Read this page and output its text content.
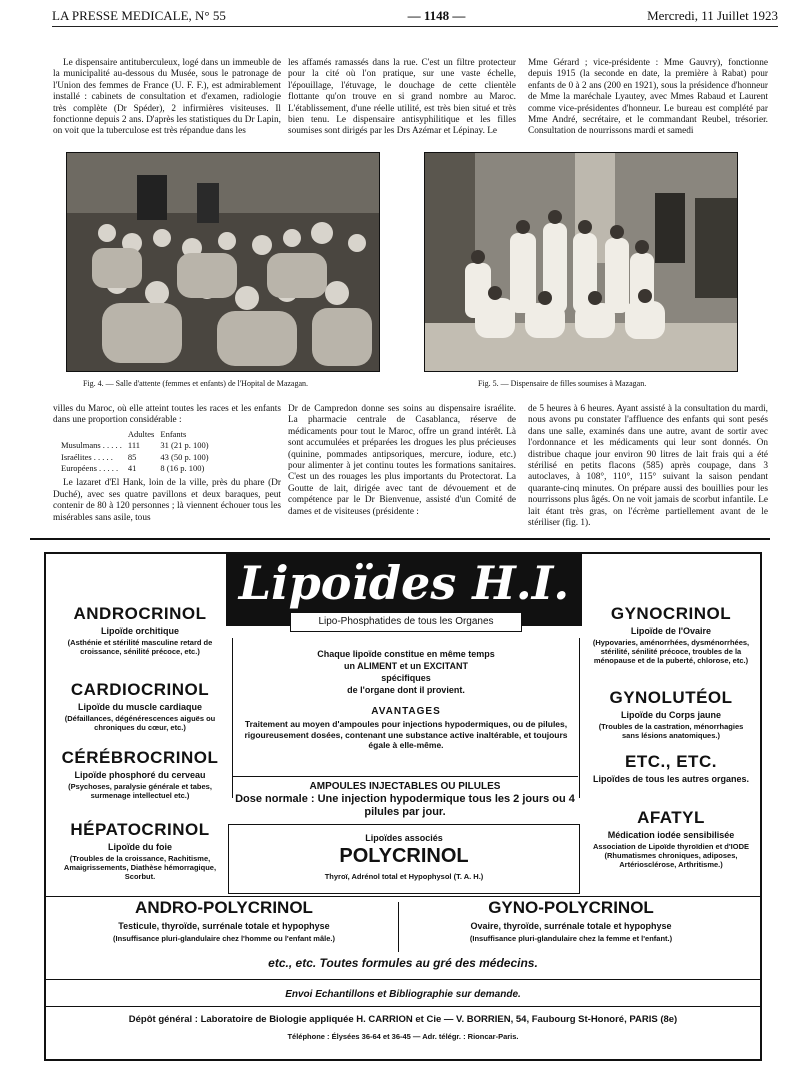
LA PRESSE MEDICALE, N° 55	— 1148 —	Mercredi, 11 Juillet 1923

Le dispensaire antituberculeux, logé dans un immeuble de la municipalité au-dessous du Musée, sous le patronage de l'Union des femmes de France (U. F. F.), est admirablement installé : cabinets de consultation et d'examen, radiologie très complète (Dr Spéder), 2 infirmières visiteuses. Il fonctionne depuis 2 ans. D'après les statistiques du Dr Lapin, on voit que la tuberculose est très répandue dans les

les affamés ramassés dans la rue. C'est un filtre protecteur pour la cité où l'on pratique, sur une vaste échelle, l'épouillage, l'étuvage, le douchage de cette clientèle flottante qu'on trouve en si grand nombre au Maroc. L'établissement, d'une réelle utilité, est très bien situé et très bien tenu. Le dispensaire antisyphilitique et les filles soumises sont dirigés par les Drs Azémar et Lépinay. Le

Mme Gérard ; vice-présidente : Mme Gauvry), fonctionne depuis 1915 (la seconde en date, la première à Rabat) pour enfants de 0 à 2 ans (200 en 1921), sous la présidence d'honneur de Mme la maréchale Lyautey, avec Mmes Rabaud et Laurent comme vice-présidentes d'honneur. Le bureau est complété par Mme André, secrétaire, et le commandant Reubel, trésorier. Consultation de nourrissons mardi et samedi

Fig. 4. — Salle d'attente (femmes et enfants) de l'Hopital de Mazagan.	Fig. 5. — Dispensaire de filles soumises à Mazagan.

villes du Maroc, où elle atteint toutes les races et les enfants dans une proportion considérable :

	Adultes	Enfants
Musulmans . . . . .	111	31 (21 p. 100)
Israélites . . . . .	85	43 (50 p. 100)
Européens . . . . .	41	8 (16 p. 100)

Le lazaret d'El Hank, loin de la ville, près du phare (Dr Duché), avec ses quatre pavillons et deux baraques, peut contenir de 80 à 120 personnes ; là viennent échouer tous les misérables sans asile, tous

Dr de Campredon donne ses soins au dispensaire israélite. La pharmacie centrale de Casablanca, réserve de médicaments pour tout le Maroc, offre un grand intérêt. Là sont accumulées et préparées les drogues les plus précieuses (quinine, pommades antipsoriques, mercure, iodure, etc.) pour alimenter à jet continu toutes les formations sanitaires. C'est un des rouages les plus importants du Protectorat. La Goutte de lait, dirigée avec tant de dévouement et de compétence par le Dr Bienvenue, assisté d'un Comité de dames et de visiteuses (présidente :

de 5 heures à 6 heures. Ayant assisté à la consultation du mardi, nous avons pu constater l'affluence des enfants qui sont pesés dans une salle, examinés dans une autre, avant de sortir avec l'ordonnance et les médicaments qui leur sont donnés. On distribue chaque jour environ 90 litres de lait frais qui a été stérilisé en petits flacons (585) après coupage, dans 3 autoclaves, à 108°, 110°, 115° suivant la saison pendant quarante-cinq minutes. On prépare aussi des bouillies pour les nourrissons plus âgés. On ne voit jamais de scorbut infantile. Le lait étant très gras, on l'écrème partiellement avant de le stériliser (fig. 1).

Lipoïdes H.I.
Lipo-Phosphatides de tous les Organes
ANDROCRINOL
Lipoïde orchitique

(Asthénie et stérilité masculine retard de croissance, sénilité précoce, etc.)

CARDIOCRINOL
Lipoïde du muscle cardiaque

(Défaillances, dégénérescences aiguës ou chroniques du cœur, etc.)

CÉRÉBROCRINOL
Lipoïde phosphoré du cerveau

(Psychoses, paralysie générale et tabes, surmenage intellectuel etc.)

HÉPATOCRINOL
Lipoïde du foie

(Troubles de la croissance, Rachitisme, Amaigrissements, Diathèse hémorragique, Scorbut.

GYNOCRINOL
Lipoïde de l'Ovaire

(Hypovaries, aménorrhées, dysménorrhées, stérilité, sénilité précoce, troubles de la ménopause et de la puberté, chlorose, etc.)

GYNOLUTÉOL
Lipoïde du Corps jaune

(Troubles de la castration, ménorrhagies sans lésions anatomiques.)

ETC., ETC.
Lipoïdes de tous les autres organes.
AFATYL
Médication iodée sensibilisée

Association de Lipoïde thyroïdien et d'IODE (Rhumatismes chroniques, adiposes, Artériosclérose, Arthritisme.)

Chaque lipoïde constitue en même temps

un ALIMENT et un EXCITANT

spécifiques

de l'organe dont il provient.

AVANTAGES

Traitement au moyen d'ampoules pour injections hypodermiques, ou de pilules, rigoureusement dosées, contenant une substance active inaltérable, et toujours égale à elle-même.

AMPOULES INJECTABLES OU PILULES

Dose normale : Une injection hypodermique tous les 2 jours ou 4 pilules par jour.

Lipoïdes associés

POLYCRINOL

Thyroï, Adrénol total et Hypophysol (T. A. H.)

ANDRO-POLYCRINOL

Testicule, thyroïde, surrénale totale et hypophyse

(Insuffisance pluri-glandulaire chez l'homme ou l'enfant mâle.)

GYNO-POLYCRINOL

Ovaire, thyroïde, surrénale totale et hypophyse

(Insuffisance pluri-glandulaire chez la femme et l'enfant.)

etc., etc. Toutes formules au gré des médecins.
Envoi Echantillons et Bibliographie sur demande.
Dépôt général : Laboratoire de Biologie appliquée H. CARRION et Cie — V. BORRIEN, 54, Faubourg St-Honoré, PARIS (8e)
Téléphone : Élysées 36-64 et 36-45 — Adr. télégr. : Rioncar-Paris.
